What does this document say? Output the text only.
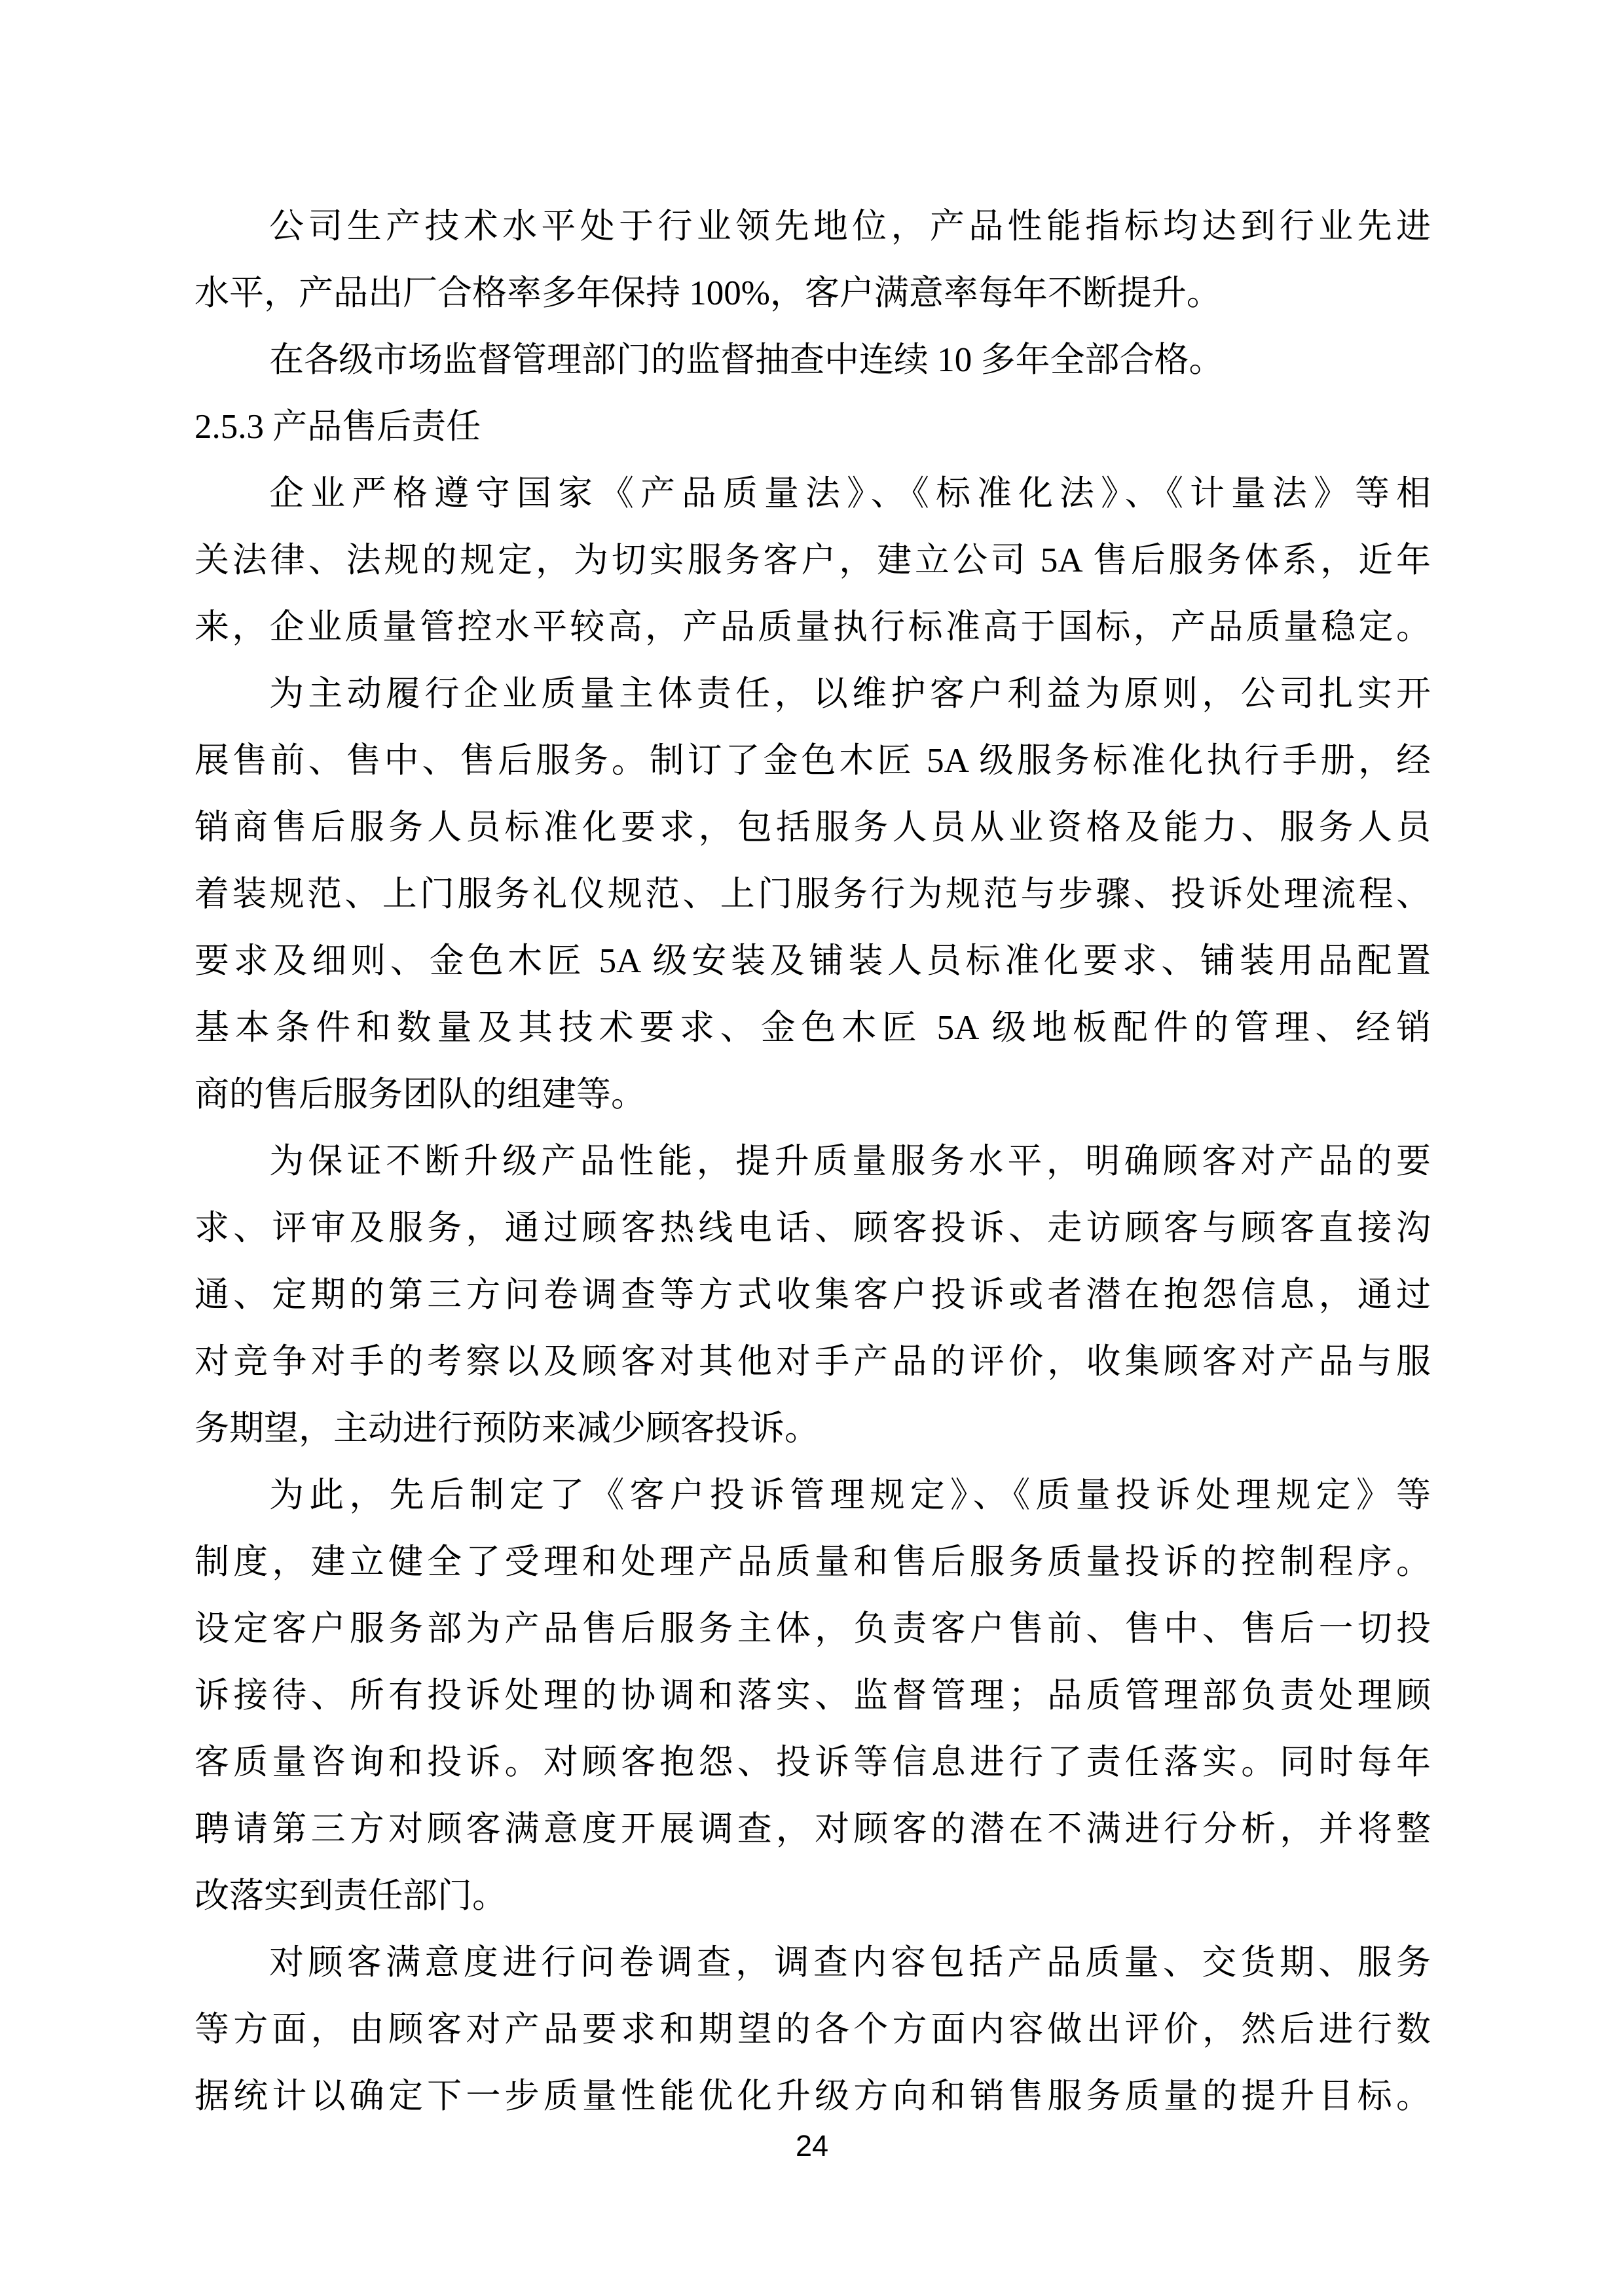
公司生产技术水平处于行业领先地位，产品性能指标均达到行业先进
水平，产品出厂合格率多年保持 100%，客户满意率每年不断提升。
在各级市场监督管理部门的监督抽查中连续 10 多年全部合格。
2.5.3 产品售后责任
企业严格遵守国家《产品质量法》、《标准化法》、《计量法》等相
关法律、法规的规定，为切实服务客户，建立公司 5A 售后服务体系，近年
来，企业质量管控水平较高，产品质量执行标准高于国标，产品质量稳定。
为主动履行企业质量主体责任，以维护客户利益为原则，公司扎实开
展售前、售中、售后服务。制订了金色木匠 5A 级服务标准化执行手册，经
销商售后服务人员标准化要求，包括服务人员从业资格及能力、服务人员
着装规范、上门服务礼仪规范、上门服务行为规范与步骤、投诉处理流程、
要求及细则、金色木匠 5A 级安装及铺装人员标准化要求、铺装用品配置
基本条件和数量及其技术要求、金色木匠 5A 级地板配件的管理、经销
商的售后服务团队的组建等。
为保证不断升级产品性能，提升质量服务水平，明确顾客对产品的要
求、评审及服务，通过顾客热线电话、顾客投诉、走访顾客与顾客直接沟
通、定期的第三方问卷调查等方式收集客户投诉或者潜在抱怨信息，通过
对竞争对手的考察以及顾客对其他对手产品的评价，收集顾客对产品与服
务期望，主动进行预防来减少顾客投诉。
为此，先后制定了《客户投诉管理规定》、《质量投诉处理规定》等
制度，建立健全了受理和处理产品质量和售后服务质量投诉的控制程序。
设定客户服务部为产品售后服务主体，负责客户售前、售中、售后一切投
诉接待、所有投诉处理的协调和落实、监督管理；品质管理部负责处理顾
客质量咨询和投诉。对顾客抱怨、投诉等信息进行了责任落实。同时每年
聘请第三方对顾客满意度开展调查，对顾客的潜在不满进行分析，并将整
改落实到责任部门。
对顾客满意度进行问卷调查，调查内容包括产品质量、交货期、服务
等方面，由顾客对产品要求和期望的各个方面内容做出评价，然后进行数
据统计以确定下一步质量性能优化升级方向和销售服务质量的提升目标。
24
